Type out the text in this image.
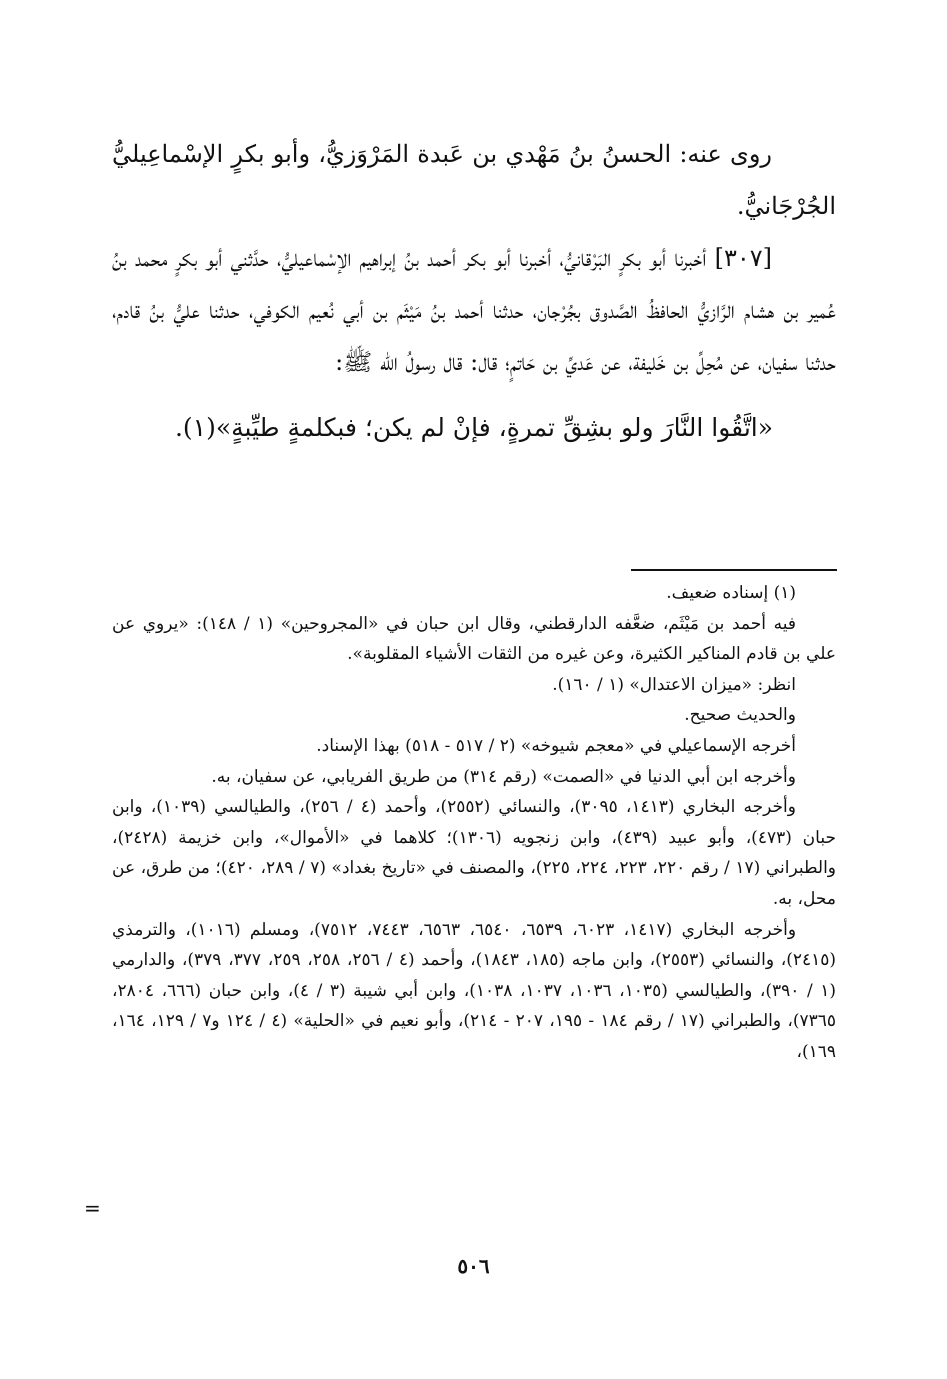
روى عنه: الحسنُ بنُ مَهْدي بن عَبدة المَرْوَزيُّ، وأبو بكرٍ الإسْماعِيليُّ الجُرْجَانيُّ.

[٣٠٧] أخبرنا أبو بكرٍ البَرْقانيُّ، أخبرنا أبو بكر أحمد بنُ إبراهيم الإسْماعيليُّ، حدَّثني أبو بكرٍ محمد بنُ عُمير بن هشام الرَّازيُّ الحافظُ الصَّدوق بجُرْجان، حدثنا أحمد بنُ مَيْثَم بن أبي نُعيم الكوفي، حدثنا عليُّ بنُ قادم، حدثنا سفيان، عن مُحِلِّ بن خَليفة، عن عَديِّ بن حَاتمٍ؛ قال: قال رسولُ الله ﷺ:

«اتَّقُوا النَّارَ ولو بشِقِّ تمرةٍ، فإنْ لم يكن؛ فبكلمةٍ طيِّبةٍ»(١).

(١) إسناده ضعيف.

فيه أحمد بن مَيْثَم، ضعَّفه الدارقطني، وقال ابن حبان في «المجروحين» (١ / ١٤٨): «يروي عن علي بن قادم المناكير الكثيرة، وعن غيره من الثقات الأشياء المقلوبة».

انظر: «ميزان الاعتدال» (١ / ١٦٠).

والحديث صحيح.

أخرجه الإسماعيلي في «معجم شيوخه» (٢ / ٥١٧ - ٥١٨) بهذا الإسناد.

وأخرجه ابن أبي الدنيا في «الصمت» (رقم ٣١٤) من طريق الفريابي، عن سفيان، به.

وأخرجه البخاري (١٤١٣، ٣٠٩٥)، والنسائي (٢٥٥٢)، وأحمد (٤ / ٢٥٦)، والطيالسي (١٠٣٩)، وابن حبان (٤٧٣)، وأبو عبيد (٤٣٩)، وابن زنجويه (١٣٠٦)؛ كلاهما في «الأموال»، وابن خزيمة (٢٤٢٨)، والطبراني (١٧ / رقم ٢٢٠، ٢٢٣، ٢٢٤، ٢٢٥)، والمصنف في «تاريخ بغداد» (٧ / ٢٨٩، ٤٢٠)؛ من طرق، عن محل، به.

وأخرجه البخاري (١٤١٧، ٦٠٢٣، ٦٥٣٩، ٦٥٤٠، ٦٥٦٣، ٧٤٤٣، ٧٥١٢)، ومسلم (١٠١٦)، والترمذي (٢٤١٥)، والنسائي (٢٥٥٣)، وابن ماجه (١٨٥، ١٨٤٣)، وأحمد (٤ / ٢٥٦، ٢٥٨، ٢٥٩، ٣٧٧، ٣٧٩)، والدارمي (١ / ٣٩٠)، والطيالسي (١٠٣٥، ١٠٣٦، ١٠٣٧، ١٠٣٨)، وابن أبي شيبة (٣ / ٤)، وابن حبان (٦٦٦، ٢٨٠٤، ٧٣٦٥)، والطبراني (١٧ / رقم ١٨٤ - ١٩٥، ٢٠٧ - ٢١٤)، وأبو نعيم في «الحلية» (٤ / ١٢٤ و٧ / ١٢٩، ١٦٤، ١٦٩)،

=
٥٠٦
